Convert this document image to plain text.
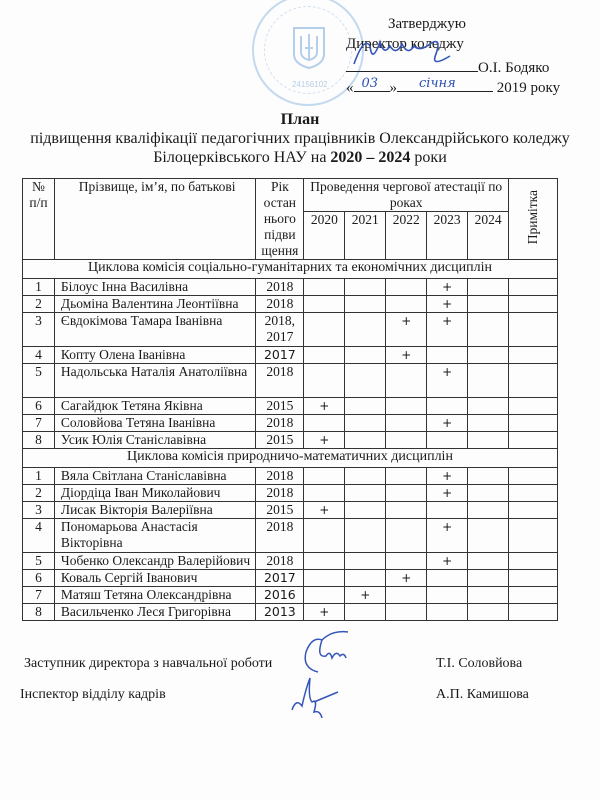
24156102
Затверджую
Директор коледжу
О.І. Бодяко
« 03 » січня	2019 року
План
підвищення кваліфікації педагогічних працівників Олександрійського коледжу
Білоцерківського НАУ на 2020 – 2024 роки
№ п/п	Прізвище, ім’я, по батькові	Рік
остан
нього
підви
щення	Проведення чергової атестації по роках					Примітка
			2020	2021	2022	2023	2024	
Циклова комісія соціально-гуманітарних та економічних дисциплін								
1	Білоус Інна Василівна	2018				+		
2	Дьоміна Валентина Леонтіївна	2018				+		
3	Євдокімова Тамара Іванівна	2018, 2017			+	+		
4	Копту Олена Іванівна	2017			+			
5	Надольська Наталія Анатоліївна	2018				+		
6	Сагайдюк Тетяна Яківна	2015	+					
7	Соловйова Тетяна Іванівна	2018				+		
8	Усик Юлія Станіславівна	2015	+					
Циклова комісія природничо-математичних дисциплін								
1	Вяла Світлана Станіславівна	2018				+		
2	Діордіца Іван Миколайович	2018				+		
3	Лисак Вікторія Валеріївна	2015	+					
4	Пономарьова Анастасія Вікторівна	2018				+		
5	Чобенко Олександр Валерійович	2018				+		
6	Коваль Сергій Іванович	2017			+			
7	Матяш Тетяна Олександрівна	2016		+				
8	Васильченко Леся Григорівна	2013	+					
Заступник директора з навчальної роботи	Т.І. Соловйова
Інспектор відділу кадрів	А.П. Камишова
